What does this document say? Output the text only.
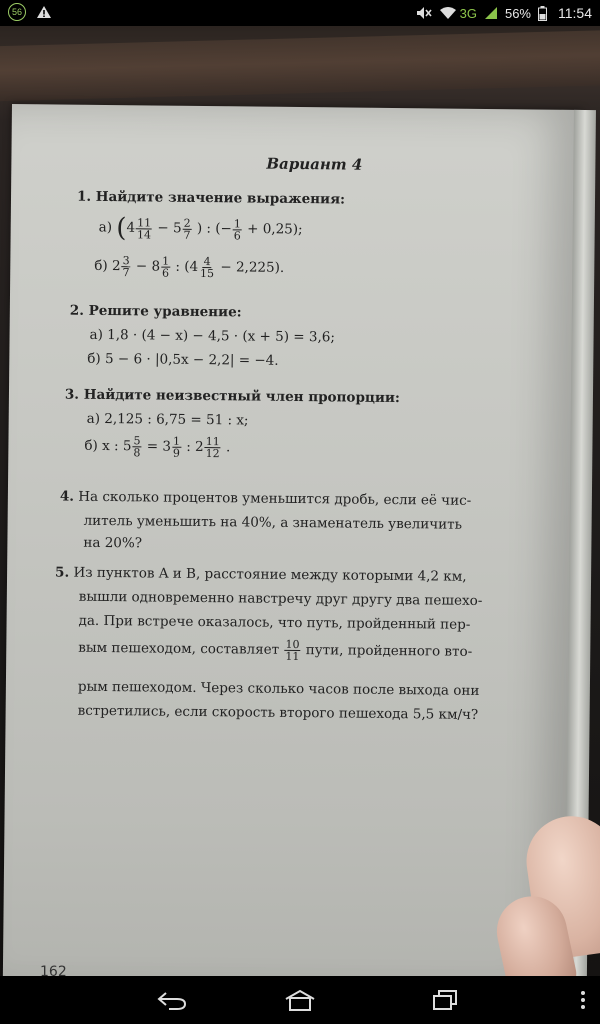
56	3G 56% 11:54
Вариант 4
1. Найдите значение выражения:
а) ($4 \frac{11}{14} - 5 \frac{2}{7}$ ) : (− $\frac{1}{6} + 0,25$);
б) $2 \frac{3}{7} - 8 \frac{1}{6}$ : $(4 \frac{4}{15} - 2,225)$.
2. Решите уравнение:
а) 1,8 · (4 − x) − 4,5 · (x + 5) = 3,6;
б) 5 − 6 · |0,5x − 2,2| = −4.
3. Найдите неизвестный член пропорции:
а) 2,125 : 6,75 = 51 : x;
б) x : $5 \frac{5}{8} = 3 \frac{1}{9}$ : $2 \frac{11}{12}$ .
4. На сколько процентов уменьшится дробь, если её чис-
литель уменьшить на 40%, а знаменатель увеличить
на 20%?
5. Из пунктов A и B, расстояние между которыми 4,2 км,
вышли одновременно навстречу друг другу два пешехо-
да. При встрече оказалось, что путь, пройденный пер-
вым пешеходом, составляет $\frac{10}{11}$ пути, пройденного вто-
рым пешеходом. Через сколько часов после выхода они
встретились, если скорость второго пешехода 5,5 км/ч?
162
